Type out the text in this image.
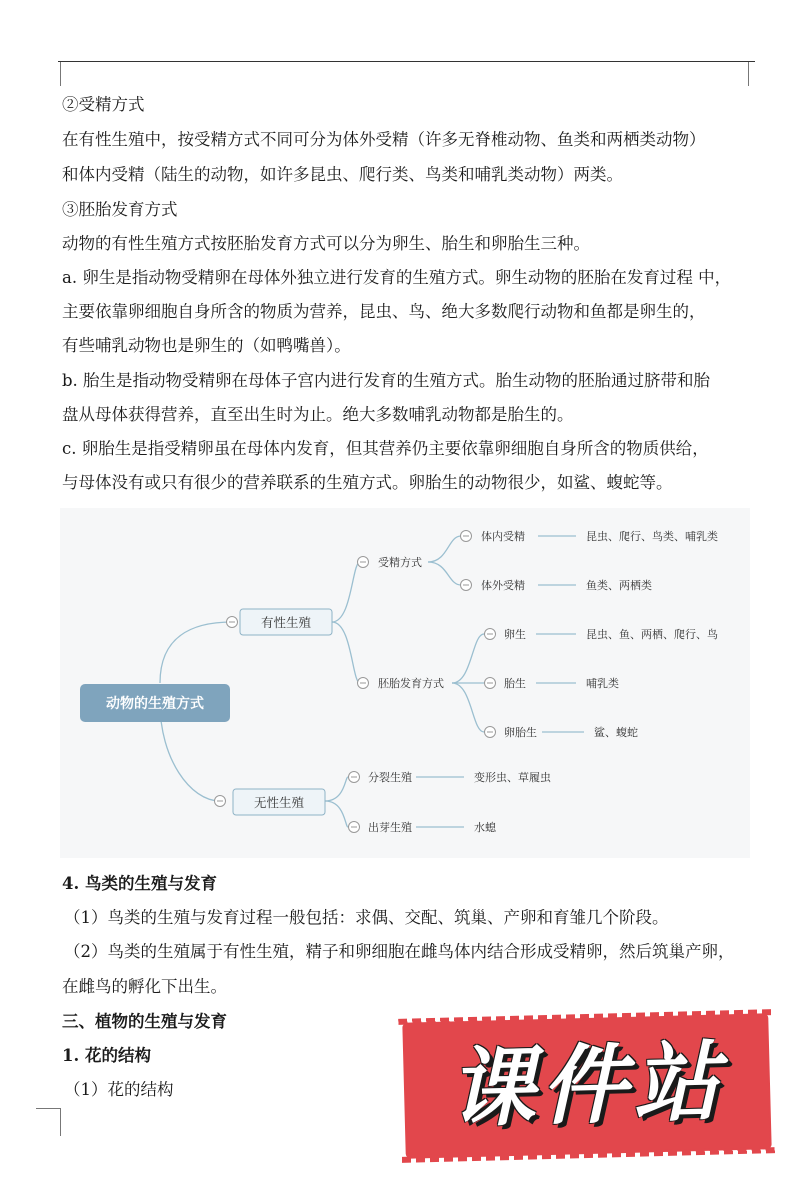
②受精方式
在有性生殖中，按受精方式不同可分为体外受精（许多无脊椎动物、鱼类和两栖类动物）
和体内受精（陆生的动物，如许多昆虫、爬行类、鸟类和哺乳类动物）两类。
③胚胎发育方式
动物的有性生殖方式按胚胎发育方式可以分为卵生、胎生和卵胎生三种。
a. 卵生是指动物受精卵在母体外独立进行发育的生殖方式。卵生动物的胚胎在发育过程 中，
主要依靠卵细胞自身所含的物质为营养，昆虫、鸟、绝大多数爬行动物和鱼都是卵生的，
有些哺乳动物也是卵生的（如鸭嘴兽）。
b. 胎生是指动物受精卵在母体子宫内进行发育的生殖方式。胎生动物的胚胎通过脐带和胎
盘从母体获得营养，直至出生时为止。绝大多数哺乳动物都是胎生的。
c. 卵胎生是指受精卵虽在母体内发育，但其营养仍主要依靠卵细胞自身所含的物质供给，
与母体没有或只有很少的营养联系的生殖方式。卵胎生的动物很少，如鲨、蝮蛇等。
动物的生殖方式
有性生殖
无性生殖
受精方式
胚胎发育方式
分裂生殖
出芽生殖
体内受精
体外受精
卵生
胎生
卵胎生
昆虫、爬行、鸟类、哺乳类
鱼类、两栖类
昆虫、鱼、两栖、爬行、鸟
哺乳类
鲨、蝮蛇
变形虫、草履虫
水螅
4. 鸟类的生殖与发育
（1）鸟类的生殖与发育过程一般包括：求偶、交配、筑巢、产卵和育雏几个阶段。
（2）鸟类的生殖属于有性生殖，精子和卵细胞在雌鸟体内结合形成受精卵，然后筑巢产卵，
在雌鸟的孵化下出生。
三、植物的生殖与发育
1. 花的结构
（1）花的结构	课件站
